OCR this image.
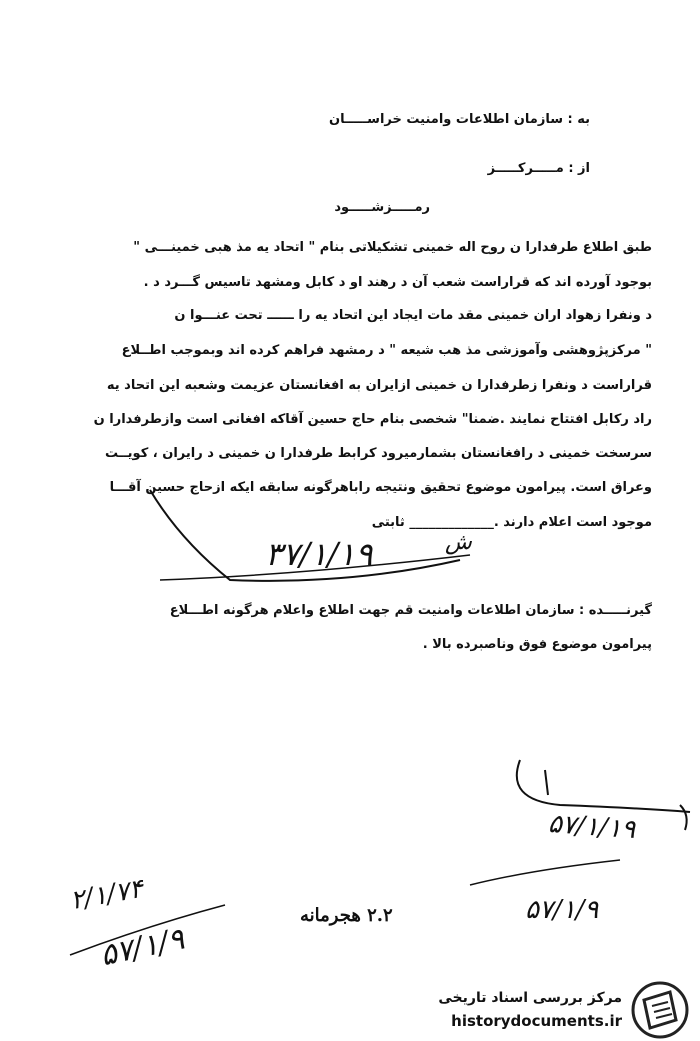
به : سازمان اطلاعات وامنیت خراســـــان
از : مـــــرکـــــز
رمـــــزشـــــود
طبق اطلاع طرفدارا ن روح اله خمینی تشکیلاتی بنام " اتحاد یه مذ هبی خمینـــی "
بوجود آورده اند که قراراست شعب آن د رهند او د کابل ومشهد تاسیس گـــرد د .
د ونفرا زهواد اران خمینی مقد مات ایجاد این اتحاد یه را ــــــ تحت عنـــوا ن
" مرکزپژوهشی وآموزشی مذ هب شیعه " د رمشهد فراهم کرده اند وبموجب اطــلاع
قراراست د ونفرا زطرفدارا ن خمینی ازایران به افغانستان عزیمت وشعبه این اتحاد یه
راد رکابل افتتاح نمایند .ضمنا" شخصی بنام حاج حسین آقاکه افغانی است وازطرفدارا ن
سرسخت خمینی د رافغانستان بشمارمیرود کرابط طرفدارا ن خمینی د رایران ، کویــت
وعراق است. پیرامون موضوع تحقیق ونتیجه راباهرگونه سابقه ایکه ازحاج حسین آقـــا
موجود است اعلام دارند ._____________ ثابتی
۳۷/۱/۱۹	ش
گیرنـــــده : سازمان اطلاعات وامنیت قم جهت اطلاع واعلام هرگونه اطـــلاع
پیرامون موضوع فوق وناصبرده بالا .
۵۷/۱/۱۹
۵۷/۱/۹
۲/۱/۷۴
۵۷/۱/۹
۲.۲ هجرمانه
مرکز بررسی اسناد تاریخی
historydocuments.ir
